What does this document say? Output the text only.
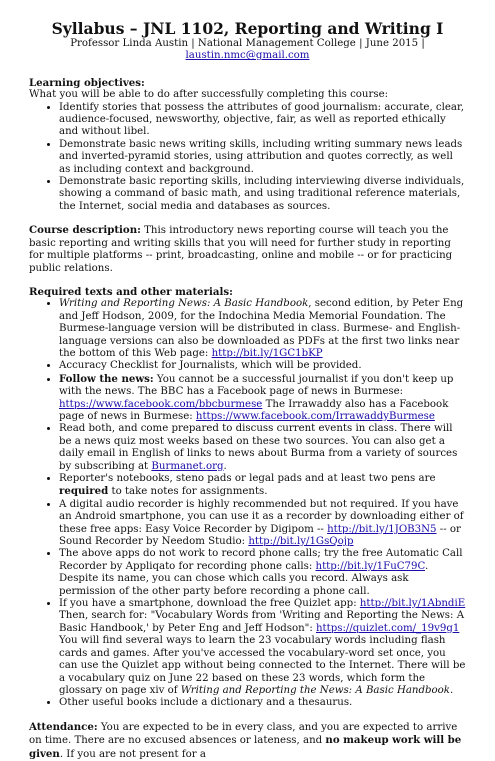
Syllabus – JNL 1102, Reporting and Writing I

Professor Linda Austin | National Management College | June 2015 | laustin.nmc@gmail.com

Learning objectives:

What you will be able to do after successfully completing this course:

• Identify stories that possess the attributes of good journalism: accurate, clear, audience-focused, newsworthy, objective, fair, as well as reported ethically and without libel.
• Demonstrate basic news writing skills, including writing summary news leads and inverted-pyramid stories, using attribution and quotes correctly, as well as including context and background.
• Demonstrate basic reporting skills, including interviewing diverse individuals, showing a command of basic math, and using traditional reference materials, the Internet, social media and databases as sources.

Course description: This introductory news reporting course will teach you the basic reporting and writing skills that you will need for further study in reporting for multiple platforms -- print, broadcasting, online and mobile -- or for practicing public relations.

Required texts and other materials:

• Writing and Reporting News: A Basic Handbook, second edition, by Peter Eng and Jeff Hodson, 2009, for the Indochina Media Memorial Foundation. The Burmese-language version will be distributed in class. Burmese- and English-language versions can also be downloaded as PDFs at the first two links near the bottom of this Web page: http://bit.ly/1GC1bKP
• Accuracy Checklist for Journalists, which will be provided.
• Follow the news: You cannot be a successful journalist if you don't keep up with the news. The BBC has a Facebook page of news in Burmese: https://www.facebook.com/bbcburmese The Irrawaddy also has a Facebook page of news in Burmese: https://www.facebook.com/IrrawaddyBurmese
• Read both, and come prepared to discuss current events in class. There will be a news quiz most weeks based on these two sources. You can also get a daily email in English of links to news about Burma from a variety of sources by subscribing at Burmanet.org.
• Reporter's notebooks, steno pads or legal pads and at least two pens are required to take notes for assignments.
• A digital audio recorder is highly recommended but not required. If you have an Android smartphone, you can use it as a recorder by downloading either of these free apps: Easy Voice Recorder by Digipom -- http://bit.ly/1JOB3N5 -- or Sound Recorder by Needom Studio: http://bit.ly/1GsQojp
• The above apps do not work to record phone calls; try the free Automatic Call Recorder by Appliqato for recording phone calls: http://bit.ly/1FuC79C. Despite its name, you can chose which calls you record. Always ask permission of the other party before recording a phone call.
• If you have a smartphone, download the free Quizlet app: http://bit.ly/1AbndiE Then, search for: "Vocabulary Words from 'Writing and Reporting the News: A Basic Handbook,' by Peter Eng and Jeff Hodson": https://quizlet.com/_19v9g1 You will find several ways to learn the 23 vocabulary words including flash cards and games. After you've accessed the vocabulary-word set once, you can use the Quizlet app without being connected to the Internet. There will be a vocabulary quiz on June 22 based on these 23 words, which form the glossary on page xiv of Writing and Reporting the News: A Basic Handbook.
• Other useful books include a dictionary and a thesaurus.

Attendance: You are expected to be in every class, and you are expected to arrive on time. There are no excused absences or lateness, and no makeup work will be given. If you are not present for a
